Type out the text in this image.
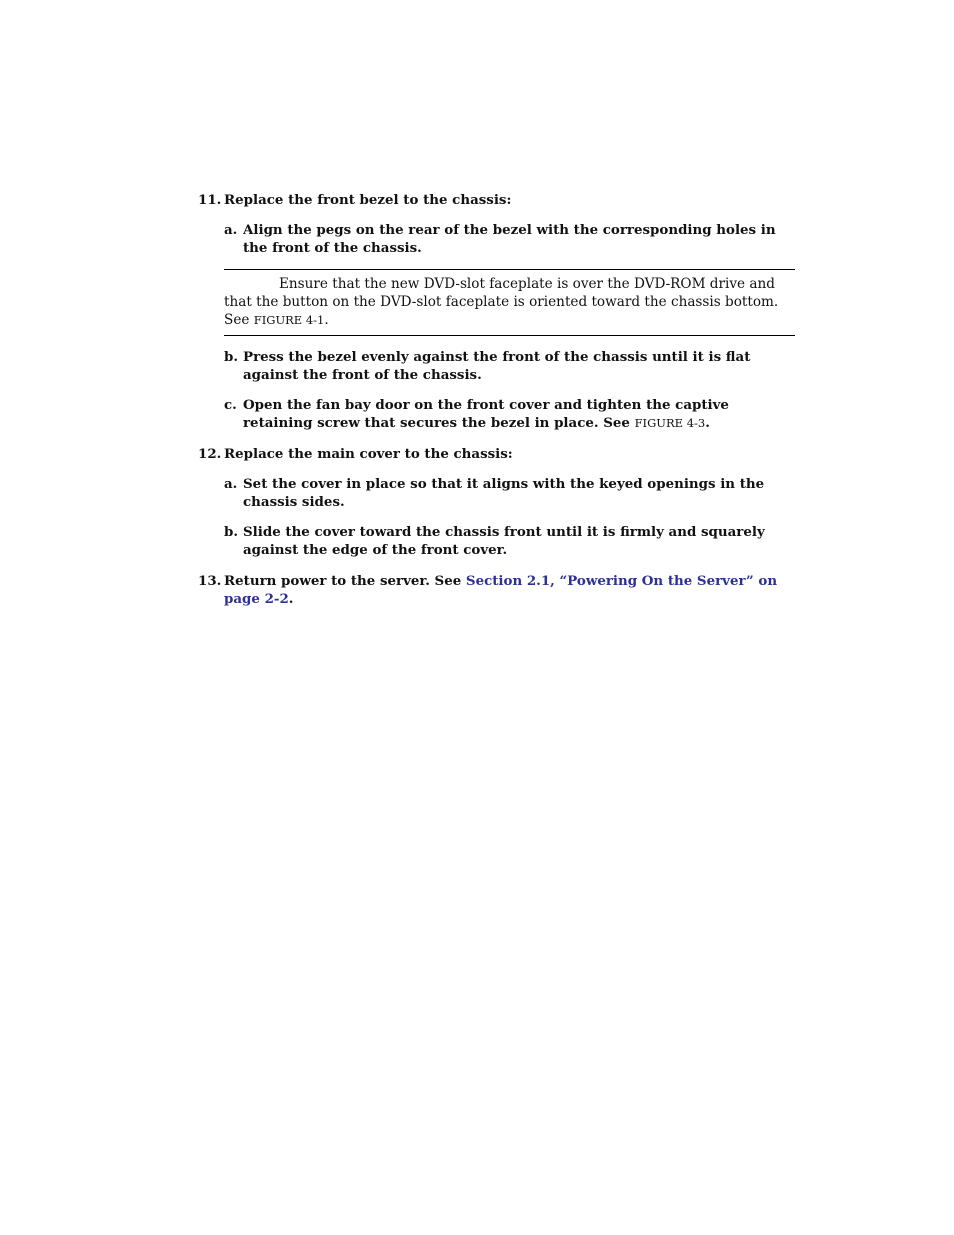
11. Replace the front bezel to the chassis:
a. Align the pegs on the rear of the bezel with the corresponding holes in the front of the chassis.
Ensure that the new DVD-slot faceplate is over the DVD-ROM drive and that the button on the DVD-slot faceplate is oriented toward the chassis bottom. See FIGURE 4-1.
b. Press the bezel evenly against the front of the chassis until it is flat against the front of the chassis.
c. Open the fan bay door on the front cover and tighten the captive retaining screw that secures the bezel in place. See FIGURE 4-3.
12. Replace the main cover to the chassis:
a. Set the cover in place so that it aligns with the keyed openings in the chassis sides.
b. Slide the cover toward the chassis front until it is firmly and squarely against the edge of the front cover.
13. Return power to the server. See Section 2.1, “Powering On the Server” on page 2-2.
